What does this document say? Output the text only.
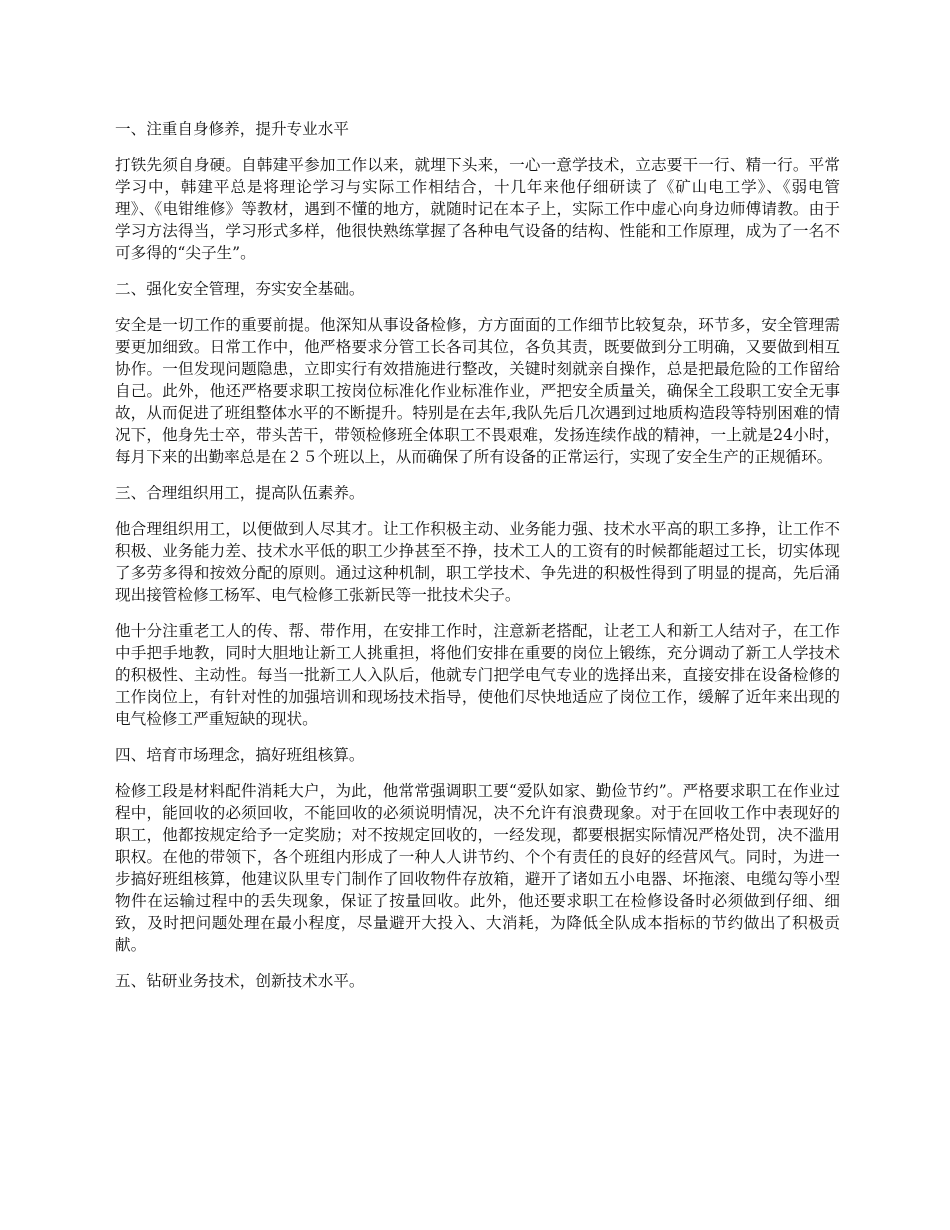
一、注重自身修养，提升专业水平

打铁先须自身硬。自韩建平参加工作以来，就埋下头来，一心一意学技术，立志要干一行、精一行。平常学习中，韩建平总是将理论学习与实际工作相结合，十几年来他仔细研读了《矿山电工学》、《弱电管理》、《电钳维修》等教材，遇到不懂的地方，就随时记在本子上，实际工作中虚心向身边师傅请教。由于学习方法得当，学习形式多样，他很快熟练掌握了各种电气设备的结构、性能和工作原理，成为了一名不可多得的“尖子生”。

二、强化安全管理，夯实安全基础。

安全是一切工作的重要前提。他深知从事设备检修，方方面面的工作细节比较复杂，环节多，安全管理需要更加细致。日常工作中，他严格要求分管工长各司其位，各负其责，既要做到分工明确，又要做到相互协作。一但发现问题隐患，立即实行有效措施进行整改，关键时刻就亲自操作，总是把最危险的工作留给自己。此外，他还严格要求职工按岗位标准化作业标准作业，严把安全质量关，确保全工段职工安全无事故，从而促进了班组整体水平的不断提升。特别是在去年,我队先后几次遇到过地质构造段等特别困难的情况下，他身先士卒，带头苦干，带领检修班全体职工不畏艰难，发扬连续作战的精神，一上就是24小时，每月下来的出勤率总是在２５个班以上，从而确保了所有设备的正常运行，实现了安全生产的正规循环。

三、合理组织用工，提高队伍素养。

他合理组织用工，以便做到人尽其才。让工作积极主动、业务能力强、技术水平高的职工多挣，让工作不积极、业务能力差、技术水平低的职工少挣甚至不挣，技术工人的工资有的时候都能超过工长，切实体现了多劳多得和按效分配的原则。通过这种机制，职工学技术、争先进的积极性得到了明显的提高，先后涌现出接管检修工杨军、电气检修工张新民等一批技术尖子。

他十分注重老工人的传、帮、带作用，在安排工作时，注意新老搭配，让老工人和新工人结对子，在工作中手把手地教，同时大胆地让新工人挑重担，将他们安排在重要的岗位上锻练，充分调动了新工人学技术的积极性、主动性。每当一批新工人入队后，他就专门把学电气专业的选择出来，直接安排在设备检修的工作岗位上，有针对性的加强培训和现场技术指导，使他们尽快地适应了岗位工作，缓解了近年来出现的电气检修工严重短缺的现状。

四、培育市场理念，搞好班组核算。

检修工段是材料配件消耗大户，为此，他常常强调职工要“爱队如家、勤俭节约”。严格要求职工在作业过程中，能回收的必须回收，不能回收的必须说明情况，决不允许有浪费现象。对于在回收工作中表现好的职工，他都按规定给予一定奖励；对不按规定回收的，一经发现，都要根据实际情况严格处罚，决不滥用职权。在他的带领下，各个班组内形成了一种人人讲节约、个个有责任的良好的经营风气。同时，为进一步搞好班组核算，他建议队里专门制作了回收物件存放箱，避开了诸如五小电器、坏拖滚、电缆勾等小型物件在运输过程中的丢失现象，保证了按量回收。此外，他还要求职工在检修设备时必须做到仔细、细致，及时把问题处理在最小程度，尽量避开大投入、大消耗，为降低全队成本指标的节约做出了积极贡献。

五、钻研业务技术，创新技术水平。
